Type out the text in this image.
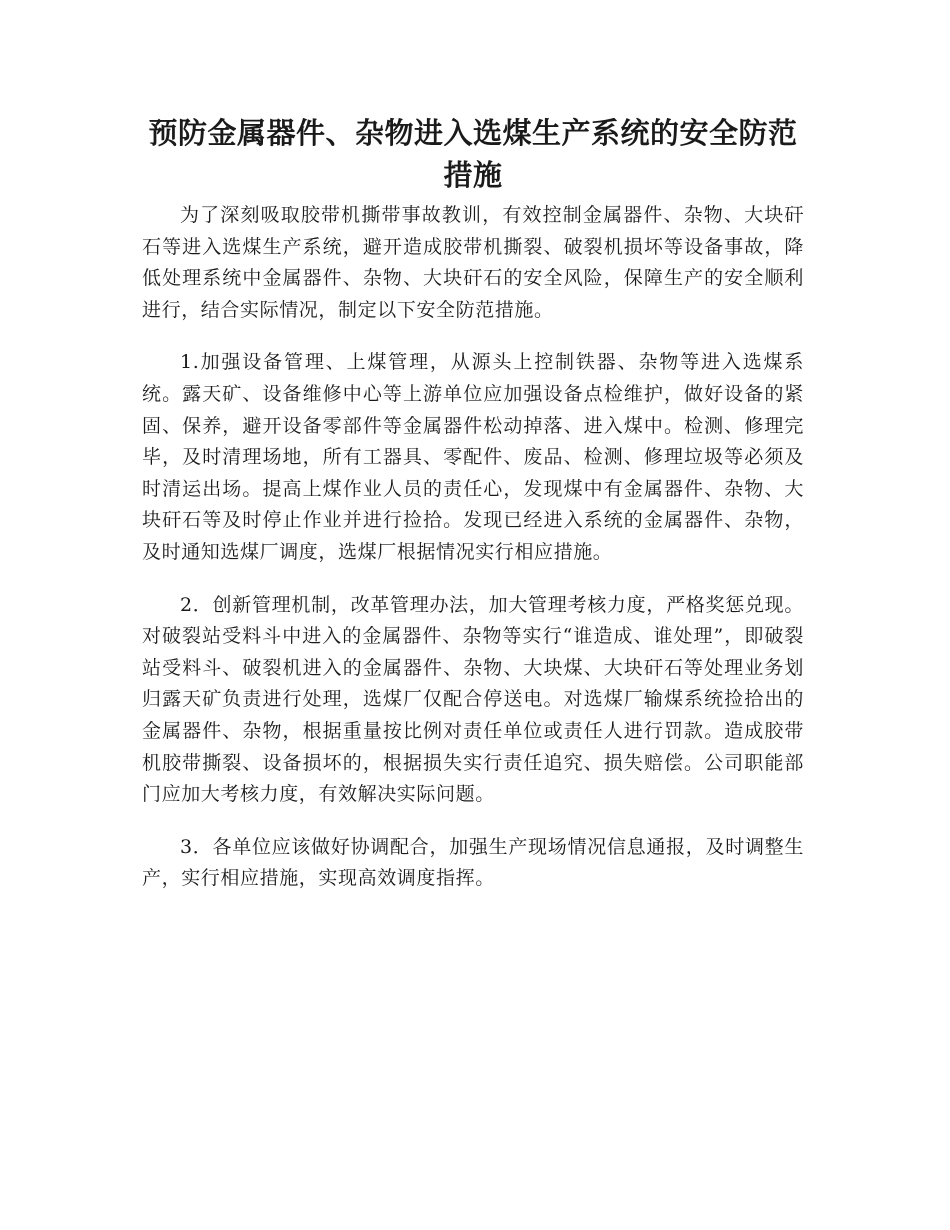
预防金属器件、杂物进入选煤生产系统的安全防范措施

为了深刻吸取胶带机撕带事故教训，有效控制金属器件、杂物、大块矸石等进入选煤生产系统，避开造成胶带机撕裂、破裂机损坏等设备事故，降低处理系统中金属器件、杂物、大块矸石的安全风险，保障生产的安全顺利进行，结合实际情况，制定以下安全防范措施。

1.加强设备管理、上煤管理，从源头上控制铁器、杂物等进入选煤系统。露天矿、设备维修中心等上游单位应加强设备点检维护，做好设备的紧固、保养，避开设备零部件等金属器件松动掉落、进入煤中。检测、修理完毕，及时清理场地，所有工器具、零配件、废品、检测、修理垃圾等必须及时清运出场。提高上煤作业人员的责任心，发现煤中有金属器件、杂物、大块矸石等及时停止作业并进行捡拾。发现已经进入系统的金属器件、杂物，及时通知选煤厂调度，选煤厂根据情况实行相应措施。

2．创新管理机制，改革管理办法，加大管理考核力度，严格奖惩兑现。对破裂站受料斗中进入的金属器件、杂物等实行“谁造成、谁处理”，即破裂站受料斗、破裂机进入的金属器件、杂物、大块煤、大块矸石等处理业务划归露天矿负责进行处理，选煤厂仅配合停送电。对选煤厂输煤系统捡拾出的金属器件、杂物，根据重量按比例对责任单位或责任人进行罚款。造成胶带机胶带撕裂、设备损坏的，根据损失实行责任追究、损失赔偿。公司职能部门应加大考核力度，有效解决实际问题。

3．各单位应该做好协调配合，加强生产现场情况信息通报，及时调整生产，实行相应措施，实现高效调度指挥。
